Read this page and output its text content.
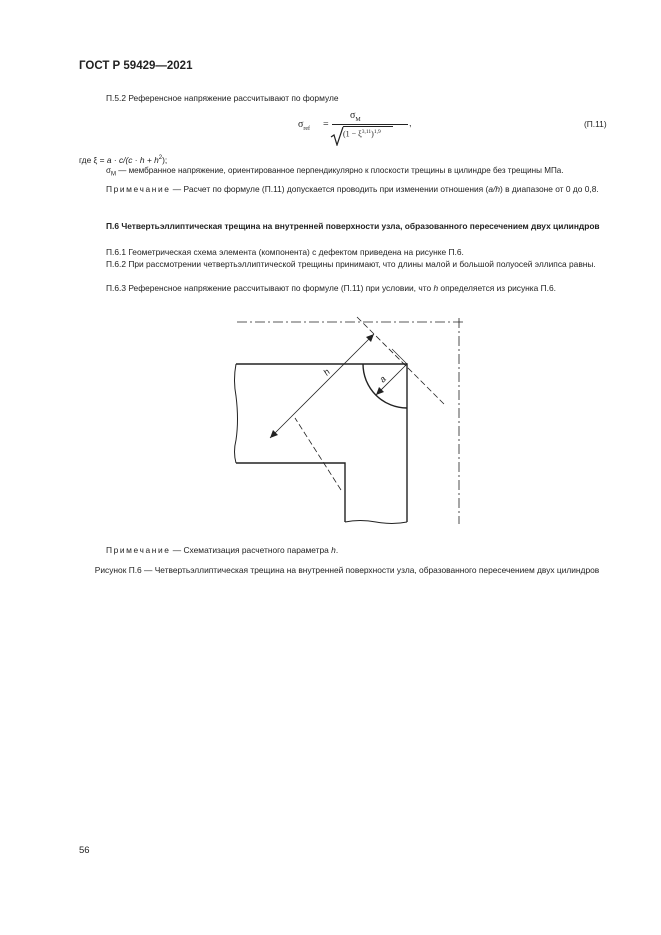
ГОСТ Р 59429—2021
П.5.2 Референсное напряжение рассчитывают по формуле
$\sigma_{ref}$ =
$\sigma_M$
$(1 - \xi^{3,11})^{1,9}$
,	(П.11)
где $\xi = a \cdot c/(c \cdot h + h^2)$;
$\sigma_M$ — мембранное напряжение, ориентированное перпендикулярно к плоскости трещины в цилиндре без трещины МПа.
Примечание — Расчет по формуле (П.11) допускается проводить при изменении отношения (a/h) в диапазоне от 0 до 0,8.
П.6 Четвертьэллиптическая трещина на внутренней поверхности узла, образованного пересечением двух цилиндров
П.6.1 Геометрическая схема элемента (компонента) с дефектом приведена на рисунке П.6.
П.6.2 При рассмотрении четвертьэллиптической трещины принимают, что длины малой и большой полуосей эллипса равны.
П.6.3 Референсное напряжение рассчитывают по формуле (П.11) при условии, что h определяется из рисунка П.6.
h
a
Примечание — Схематизация расчетного параметра h.
Рисунок П.6 — Четвертьэллиптическая трещина на внутренней поверхности узла, образованного пересечением двух цилиндров
56
